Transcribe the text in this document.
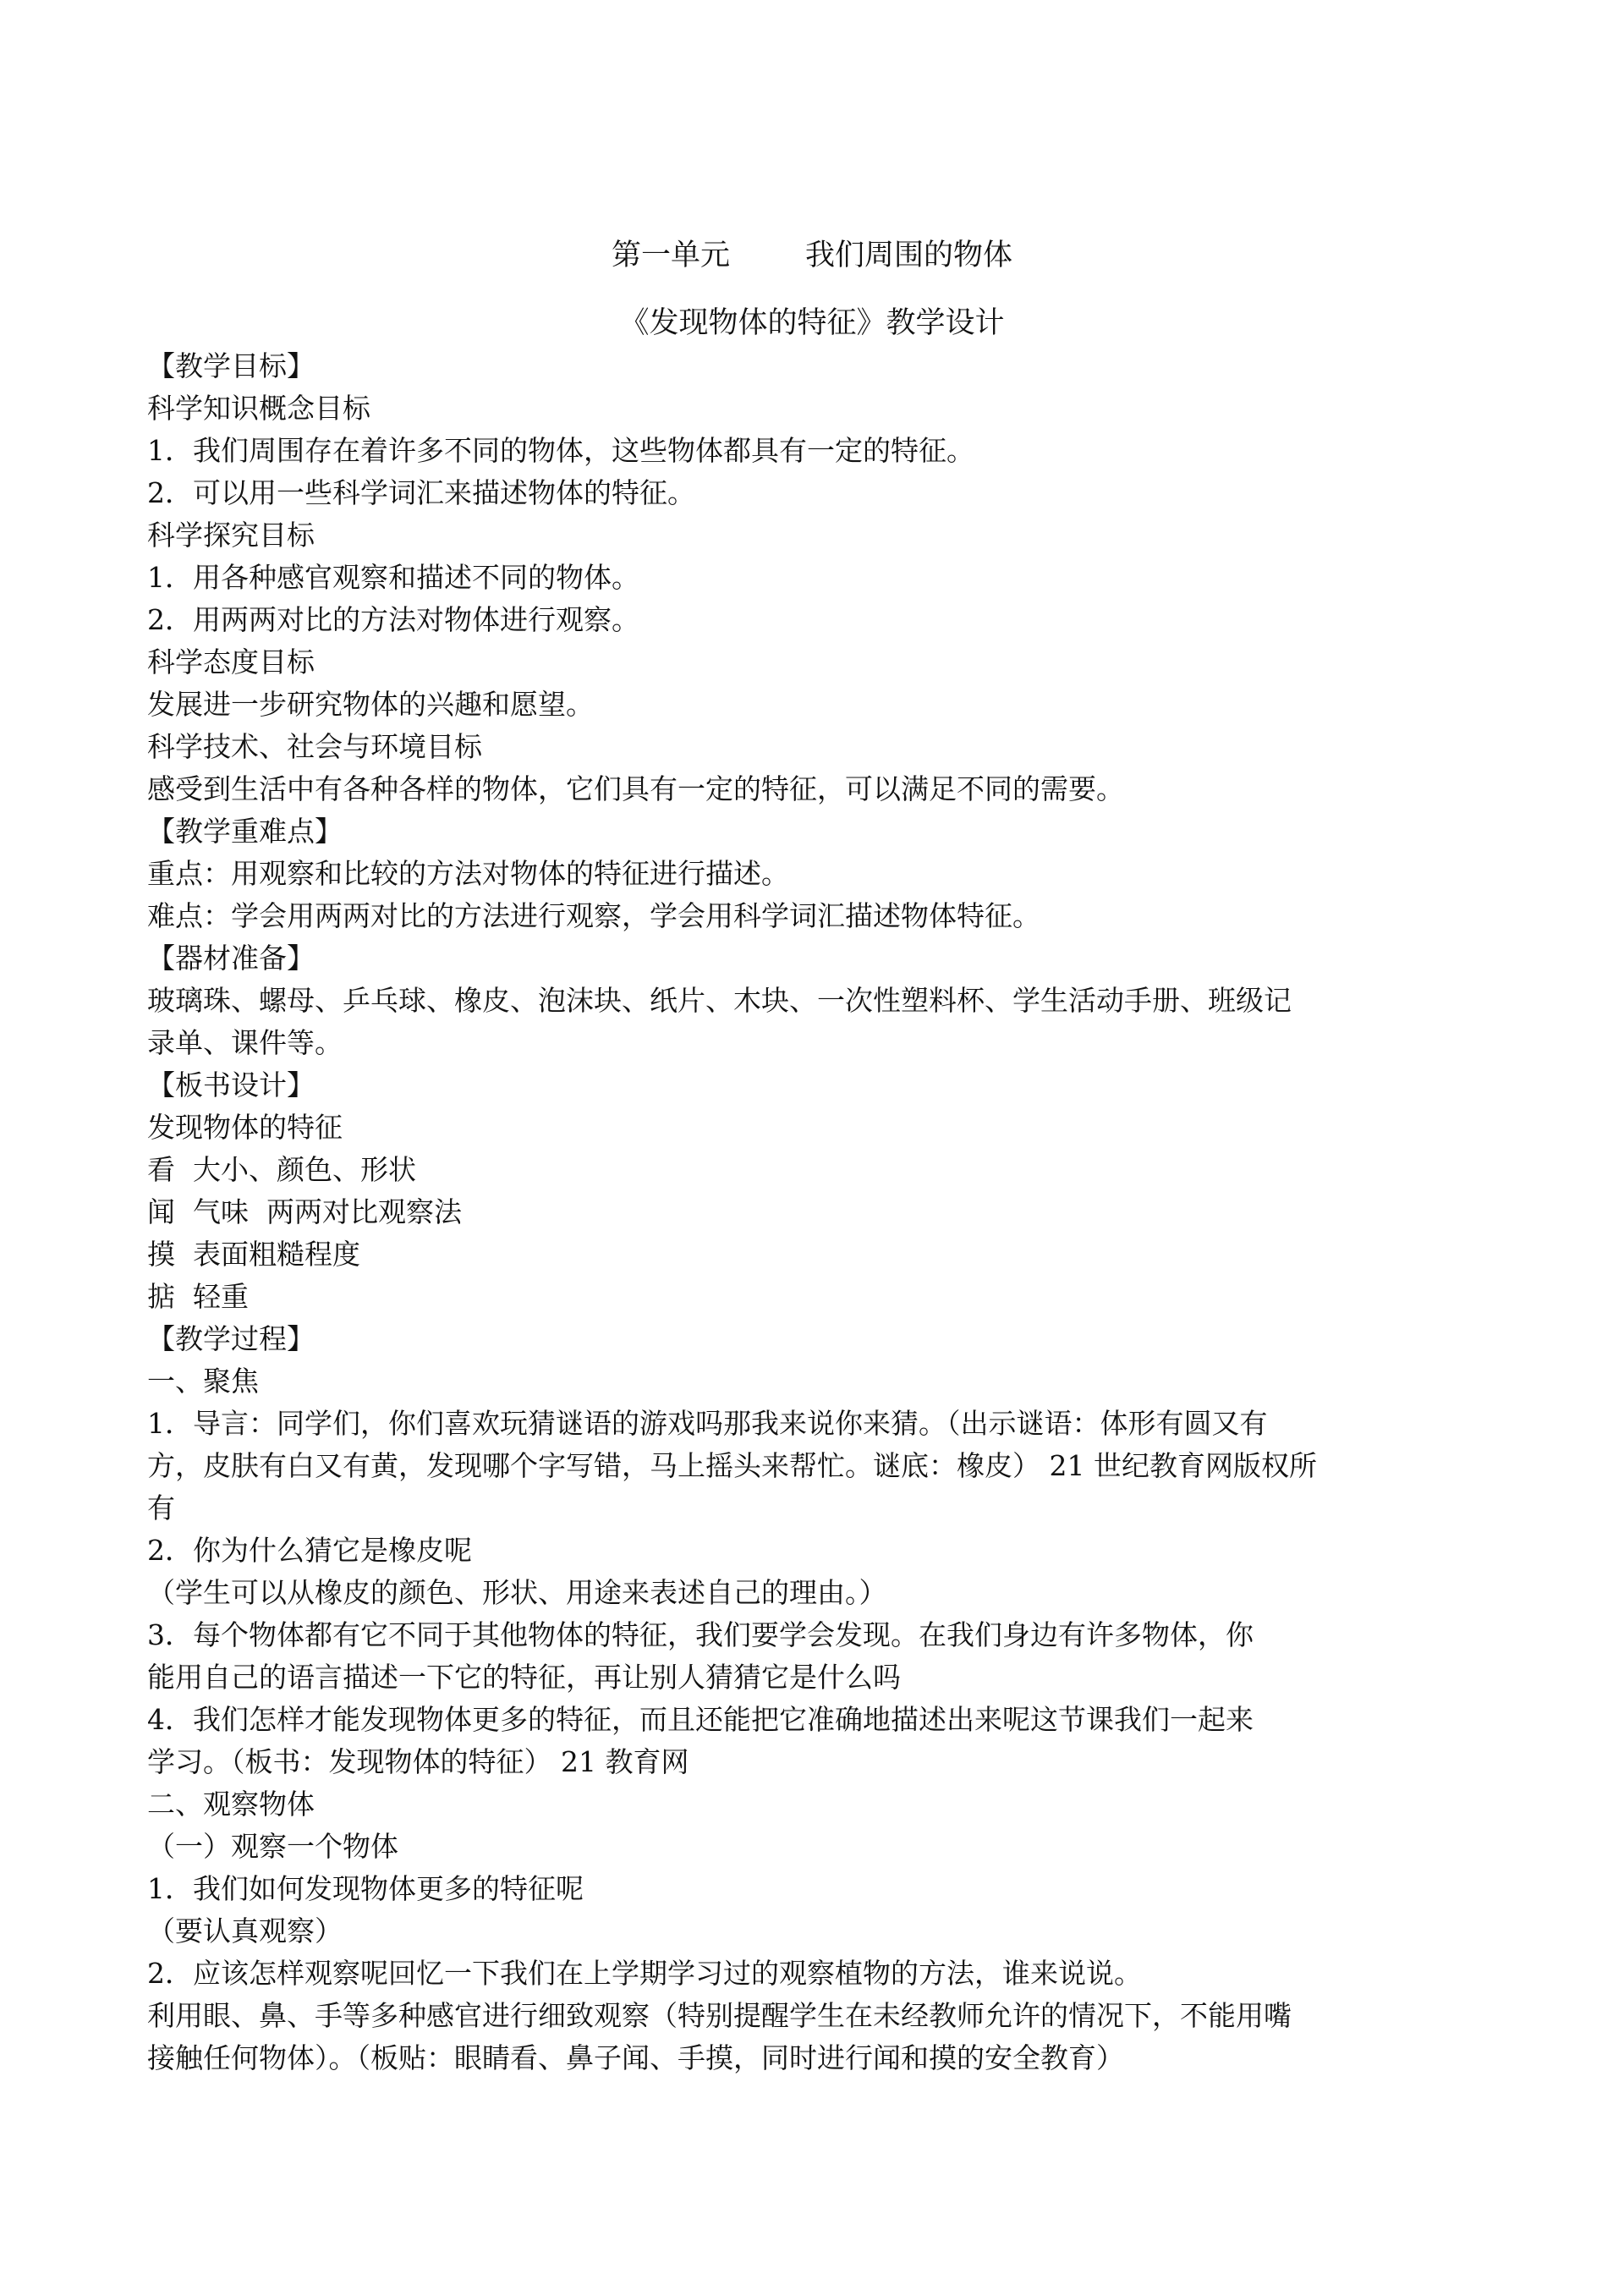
第一单元        我们周围的物体
《发现物体的特征》教学设计

【教学目标】

科学知识概念目标

1．我们周围存在着许多不同的物体，这些物体都具有一定的特征。

2．可以用一些科学词汇来描述物体的特征。

科学探究目标

1．用各种感官观察和描述不同的物体。

2．用两两对比的方法对物体进行观察。

科学态度目标

发展进一步研究物体的兴趣和愿望。

科学技术、社会与环境目标

感受到生活中有各种各样的物体，它们具有一定的特征，可以满足不同的需要。

【教学重难点】

重点：用观察和比较的方法对物体的特征进行描述。

难点：学会用两两对比的方法进行观察，学会用科学词汇描述物体特征。

【器材准备】

玻璃珠、螺母、乒乓球、橡皮、泡沫块、纸片、木块、一次性塑料杯、学生活动手册、班级记

录单、课件等。

【板书设计】

发现物体的特征

看  大小、颜色、形状

闻  气味  两两对比观察法

摸  表面粗糙程度

掂  轻重

【教学过程】

一、聚焦

1．导言：同学们，你们喜欢玩猜谜语的游戏吗那我来说你来猜。（出示谜语：体形有圆又有

方，皮肤有白又有黄，发现哪个字写错，马上摇头来帮忙。谜底：橡皮） 21 世纪教育网版权所

有

2．你为什么猜它是橡皮呢

（学生可以从橡皮的颜色、形状、用途来表述自己的理由。）

3．每个物体都有它不同于其他物体的特征，我们要学会发现。在我们身边有许多物体，你

能用自己的语言描述一下它的特征，再让别人猜猜它是什么吗

4．我们怎样才能发现物体更多的特征，而且还能把它准确地描述出来呢这节课我们一起来

学习。（板书：发现物体的特征） 21 教育网

二、观察物体

（一）观察一个物体

1．我们如何发现物体更多的特征呢

（要认真观察）

2．应该怎样观察呢回忆一下我们在上学期学习过的观察植物的方法，谁来说说。

利用眼、鼻、手等多种感官进行细致观察（特别提醒学生在未经教师允许的情况下，不能用嘴

接触任何物体）。（板贴：眼睛看、鼻子闻、手摸，同时进行闻和摸的安全教育）
